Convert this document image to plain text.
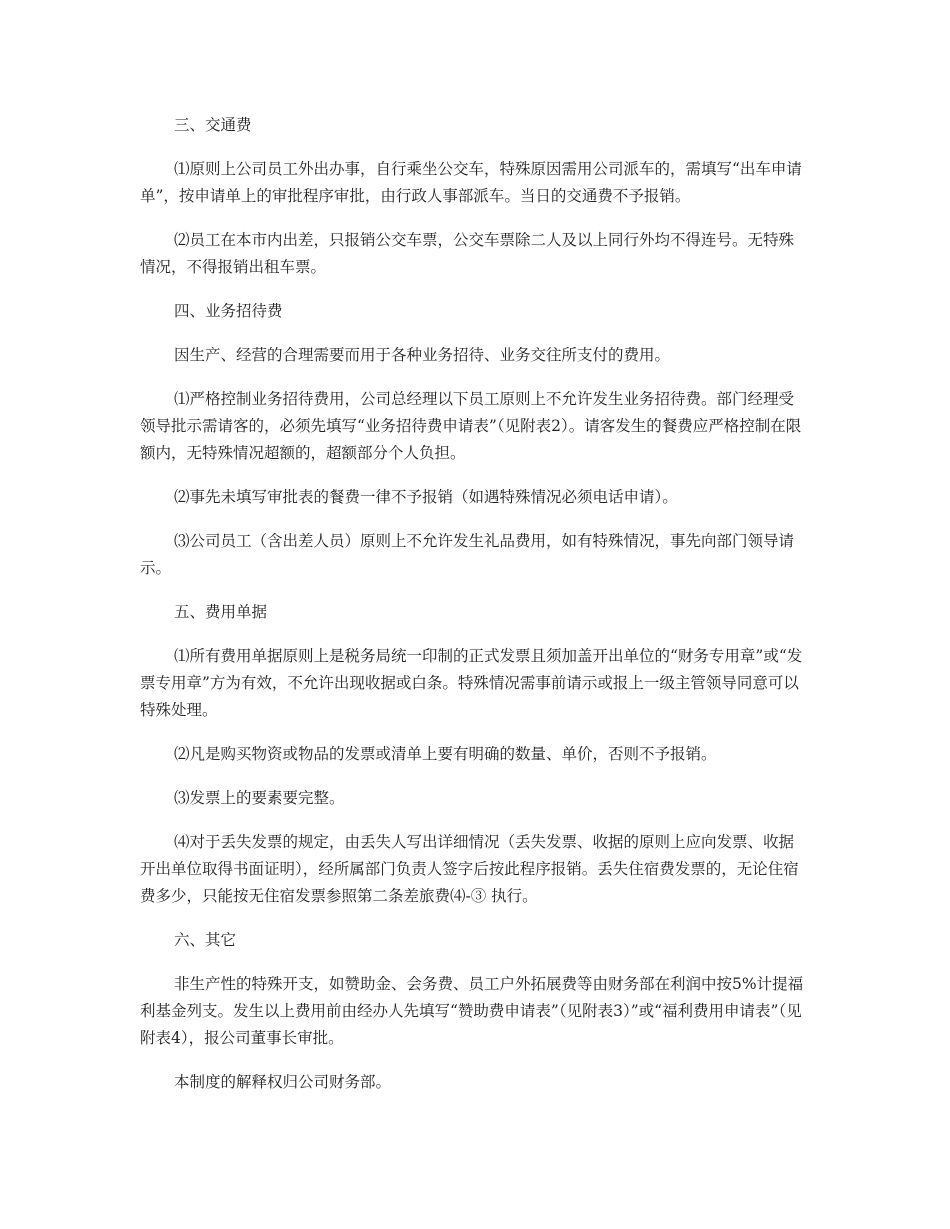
三、交通费

⑴原则上公司员工外出办事，自行乘坐公交车，特殊原因需用公司派车的，需填写“出车申请单”，按申请单上的审批程序审批，由行政人事部派车。当日的交通费不予报销。

⑵员工在本市内出差，只报销公交车票，公交车票除二人及以上同行外均不得连号。无特殊情况，不得报销出租车票。

四、业务招待费

因生产、经营的合理需要而用于各种业务招待、业务交往所支付的费用。

⑴严格控制业务招待费用，公司总经理以下员工原则上不允许发生业务招待费。部门经理受领导批示需请客的，必须先填写“业务招待费申请表”（见附表2）。请客发生的餐费应严格控制在限额内，无特殊情况超额的，超额部分个人负担。

⑵事先未填写审批表的餐费一律不予报销（如遇特殊情况必须电话申请）。

⑶公司员工（含出差人员）原则上不允许发生礼品费用，如有特殊情况，事先向部门领导请示。

五、费用单据

⑴所有费用单据原则上是税务局统一印制的正式发票且须加盖开出单位的“财务专用章”或“发票专用章”方为有效，不允许出现收据或白条。特殊情况需事前请示或报上一级主管领导同意可以特殊处理。

⑵凡是购买物资或物品的发票或清单上要有明确的数量、单价，否则不予报销。

⑶发票上的要素要完整。

⑷对于丢失发票的规定，由丢失人写出详细情况（丢失发票、收据的原则上应向发票、收据开出单位取得书面证明），经所属部门负责人签字后按此程序报销。丢失住宿费发票的，无论住宿费多少，只能按无住宿发票参照第二条差旅费⑷-③ 执行。

六、其它

非生产性的特殊开支，如赞助金、会务费、员工户外拓展费等由财务部在利润中按5%计提福利基金列支。发生以上费用前由经办人先填写“赞助费申请表”（见附表3）”或“福利费用申请表”（见附表4），报公司董事长审批。

本制度的解释权归公司财务部。
